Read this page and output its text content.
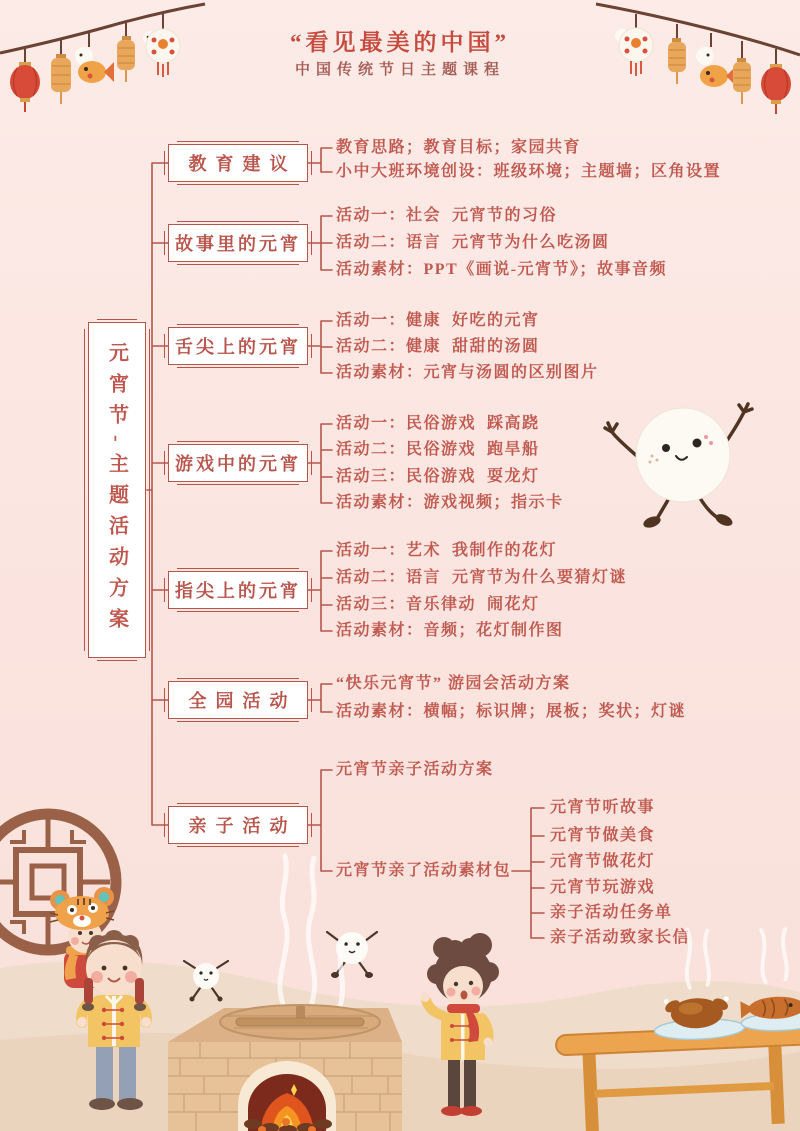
“看见最美的中国”
中国传统节日主题课程
元宵节-主题活动方案
教育建议
故事里的元宵
舌尖上的元宵
游戏中的元宵
指尖上的元宵
全园活动
亲子活动
教育思路；教育目标；家园共育
小中大班环境创设：班级环境；主题墙；区角设置
活动一：社会  元宵节的习俗
活动二：语言  元宵节为什么吃汤圆
活动素材：PPT《画说-元宵节》；故事音频
活动一：健康  好吃的元宵
活动二：健康  甜甜的汤圆
活动素材：元宵与汤圆的区别图片
活动一：民俗游戏  踩高跷
活动二：民俗游戏  跑旱船
活动三：民俗游戏  耍龙灯
活动素材：游戏视频；指示卡
活动一：艺术  我制作的花灯
活动二：语言  元宵节为什么要猜灯谜
活动三：音乐律动  闹花灯
活动素材：音频；花灯制作图
“快乐元宵节” 游园会活动方案
活动素材：横幅；标识牌；展板；奖状；灯谜
元宵节亲子活动方案
元宵节亲了活动素材包
元宵节听故事
元宵节做美食
元宵节做花灯
元宵节玩游戏
亲子活动任务单
亲子活动致家长信
